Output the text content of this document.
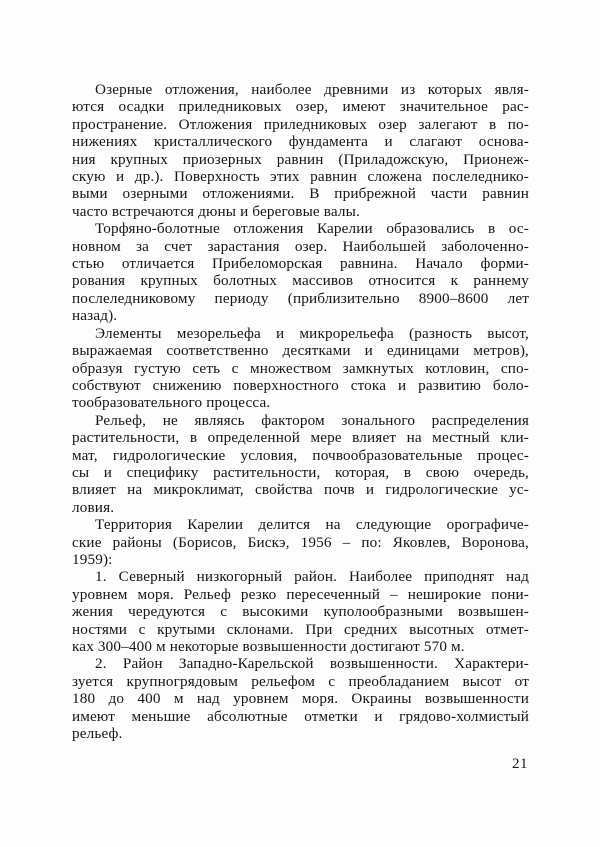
Озерные отложения, наиболее древними из которых явля-
ются осадки приледниковых озер, имеют значительное рас-
пространение. Отложения приледниковых озер залегают в по-
нижениях кристаллического фундамента и слагают основа-
ния крупных приозерных равнин (Приладожскую, Прионеж-
скую и др.). Поверхность этих равнин сложена послеледнико-
выми озерными отложениями. В прибрежной части равнин
часто встречаются дюны и береговые валы.
Торфяно-болотные отложения Карелии образовались в ос-
новном за счет зарастания озер. Наибольшей заболоченно-
стью отличается Прибеломорская равнина. Начало форми-
рования крупных болотных массивов относится к раннему
послеледниковому периоду (приблизительно 8900–8600 лет
назад).
Элементы мезорельефа и микрорельефа (разность высот,
выражаемая соответственно десятками и единицами метров),
образуя густую сеть с множеством замкнутых котловин, спо-
собствуют снижению поверхностного стока и развитию боло-
тообразовательного процесса.
Рельеф, не являясь фактором зонального распределения
растительности, в определенной мере влияет на местный кли-
мат, гидрологические условия, почвообразовательные процес-
сы и специфику растительности, которая, в свою очередь,
влияет на микроклимат, свойства почв и гидрологические ус-
ловия.
Территория Карелии делится на следующие орографиче-
ские районы (Борисов, Бискэ, 1956 – по: Яковлев, Воронова,
1959):
1. Северный низкогорный район. Наиболее приподнят над
уровнем моря. Рельеф резко пересеченный – неширокие пони-
жения чередуются с высокими куполообразными возвышен-
ностями с крутыми склонами. При средних высотных отмет-
ках 300–400 м некоторые возвышенности достигают 570 м.
2. Район Западно-Карельской возвышенности. Характери-
зуется крупногрядовым рельефом с преобладанием высот от
180 до 400 м над уровнем моря. Окраины возвышенности
имеют меньшие абсолютные отметки и грядово-холмистый
рельеф.
21
